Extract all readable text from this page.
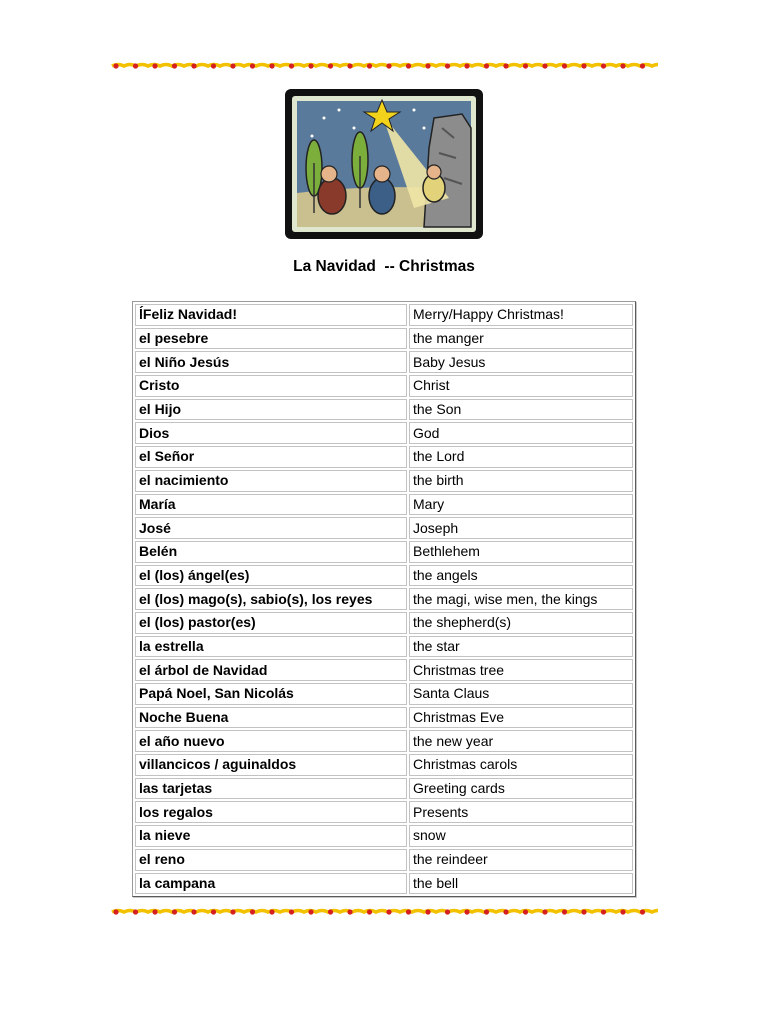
La Navidad  -- Christmas
ĺFeliz Navidad!	Merry/Happy Christmas!
el pesebre	the manger
el Niño Jesús	Baby Jesus
Cristo	Christ
el Hijo	the Son
Dios	God
el Señor	the Lord
el nacimiento	the birth
María	Mary
José	Joseph
Belén	Bethlehem
el (los) ángel(es)	the angels
el (los) mago(s), sabio(s), los reyes	the magi, wise men, the kings
el (los) pastor(es)	the shepherd(s)
la estrella	the star
el árbol de Navidad	Christmas tree
Papá Noel, San Nicolás	Santa Claus
Noche Buena	Christmas Eve
el año nuevo	the new year
villancicos / aguinaldos	Christmas carols
las tarjetas	Greeting cards
los regalos	Presents
la nieve	snow
el reno	the reindeer
la campana	the bell
